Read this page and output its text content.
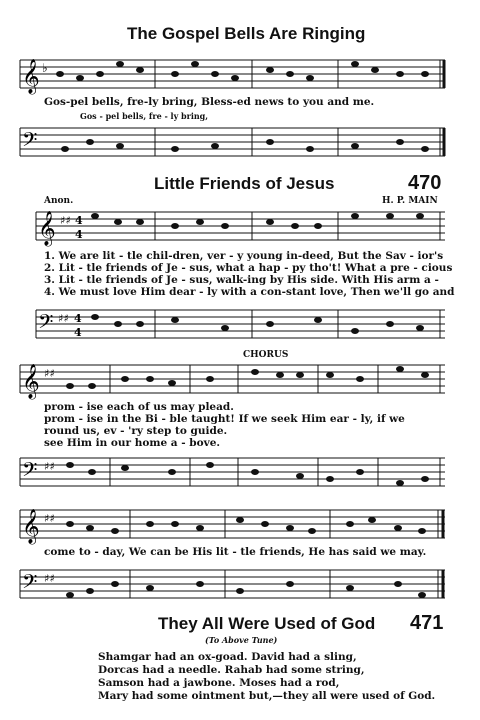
The Gospel Bells Are Ringing
𝄞 ♭
Gos-pel bells, fre-ly bring, Bless-ed news to you and me.
Gos - pel bells, fre - ly bring,
𝄢
Little Friends of Jesus	470
Anon.	H. P. MAIN
𝄞 ♯♯ 4
4
1. We are lit - tle chil-dren, ver - y young in-deed, But the Sav - ior's
2. Lit - tle friends of Je - sus, what a hap - py tho't! What a pre - cious
3. Lit - tle friends of Je - sus, walk-ing by His side. With His arm a -
4. We must love Him dear - ly with a con-stant love, Then we'll go and
𝄢 ♯♯ 4
4
CHORUS
𝄞 ♯♯
prom - ise each of us may plead.
prom - ise in the Bi - ble taught! If we seek Him ear - ly, if we
round us, ev - 'ry step to guide.
see Him in our home a - bove.
𝄢 ♯♯
𝄞 ♯♯
come to - day, We can be His lit - tle friends, He has said we may.
𝄢 ♯♯
They All Were Used of God 471
(To Above Tune)
Shamgar had an ox-goad. David had a sling,
Dorcas had a needle. Rahab had some string,
Samson had a jawbone. Moses had a rod,
Mary had some ointment but,—they all were used of God.
